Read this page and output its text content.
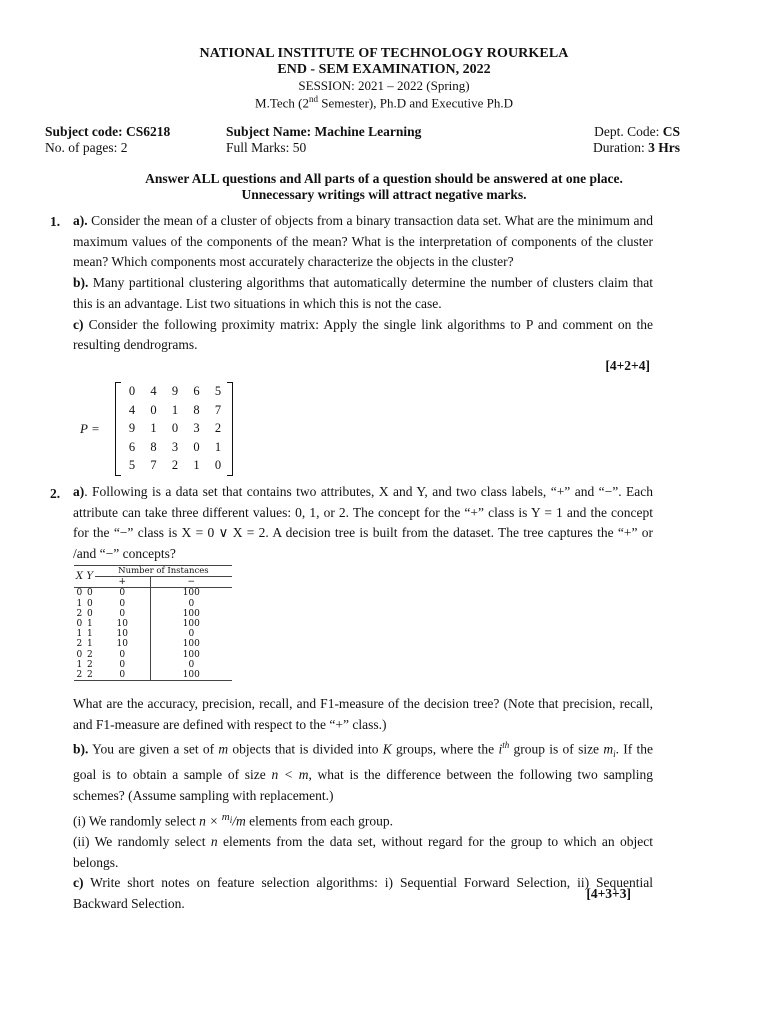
NATIONAL INSTITUTE OF TECHNOLOGY ROURKELA
END - SEM EXAMINATION, 2022
SESSION: 2021 – 2022 (Spring)
M.Tech (2nd Semester), Ph.D and Executive Ph.D
Subject code: CS6218
No. of pages: 2
Subject Name: Machine Learning
Full Marks: 50
Dept. Code: CS
Duration: 3 Hrs
Answer ALL questions and All parts of a question should be answered at one place.
Unnecessary writings will attract negative marks.
1. a). Consider the mean of a cluster of objects from a binary transaction data set. What are the minimum and maximum values of the components of the mean? What is the interpretation of components of the cluster mean? Which components most accurately characterize the objects in the cluster?

b). Many partitional clustering algorithms that automatically determine the number of clusters claim that this is an advantage. List two situations in which this is not the case.

c) Consider the following proximity matrix: Apply the single link algorithms to P and comment on the resulting dendrograms.

[4+2+4]
P =
0	4	9	6	5
4	0	1	8	7
9	1	0	3	2
6	8	3	0	1
5	7	2	1	0
2. a). Following is a data set that contains two attributes, X and Y, and two class labels, “+” and “−”. Each attribute can take three different values: 0, 1, or 2. The concept for the “+” class is Y = 1 and the concept for the “−” class is X = 0 ∨ X = 2. A decision tree is built from the dataset. The tree captures the “+” or /and “−” concepts?

X	Y	Number of Instances	
		+	−
0	0	0	100
1	0	0	0
2	0	0	100
0	1	10	100
1	1	10	0
2	1	10	100
0	2	0	100
1	2	0	0
2	2	0	100

What are the accuracy, precision, recall, and F1-measure of the decision tree? (Note that precision, recall, and F1-measure are defined with respect to the “+” class.)

b). You are given a set of m objects that is divided into K groups, where the $i^{th}$ group is of size $m_i$. If the goal is to obtain a sample of size n < m, what is the difference between the following two sampling schemes? (Assume sampling with replacement.)

(i) We randomly select n × $^{m_i}$/m elements from each group.

(ii) We randomly select n elements from the data set, without regard for the group to which an object belongs.

c) Write short notes on feature selection algorithms: i) Sequential Forward Selection, ii) Sequential Backward Selection.

[4+3+3]
